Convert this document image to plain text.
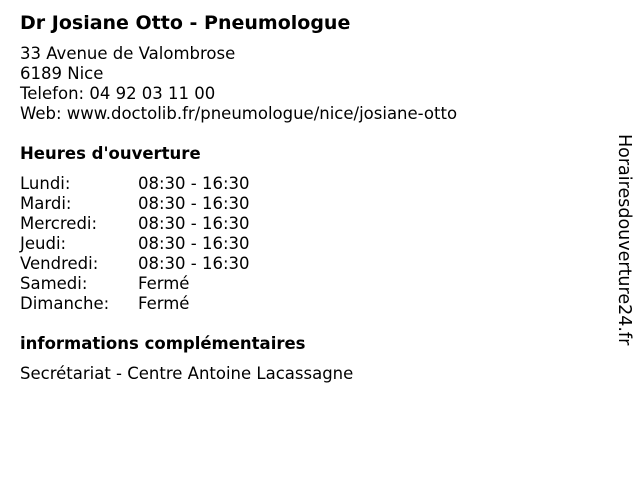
Dr Josiane Otto - Pneumologue
33 Avenue de Valombrose
6189 Nice
Telefon: 04 92 03 11 00
Web: www.doctolib.fr/pneumologue/nice/josiane-otto
Heures d'ouverture
Lundi:	08:30 - 16:30
Mardi:	08:30 - 16:30
Mercredi: 08:30 - 16:30
Jeudi:	08:30 - 16:30
Vendredi: 08:30 - 16:30
Samedi:	Fermé
Dimanche: Fermé
informations complémentaires
Secrétariat - Centre Antoine Lacassagne
Horairesdouverture24.fr
